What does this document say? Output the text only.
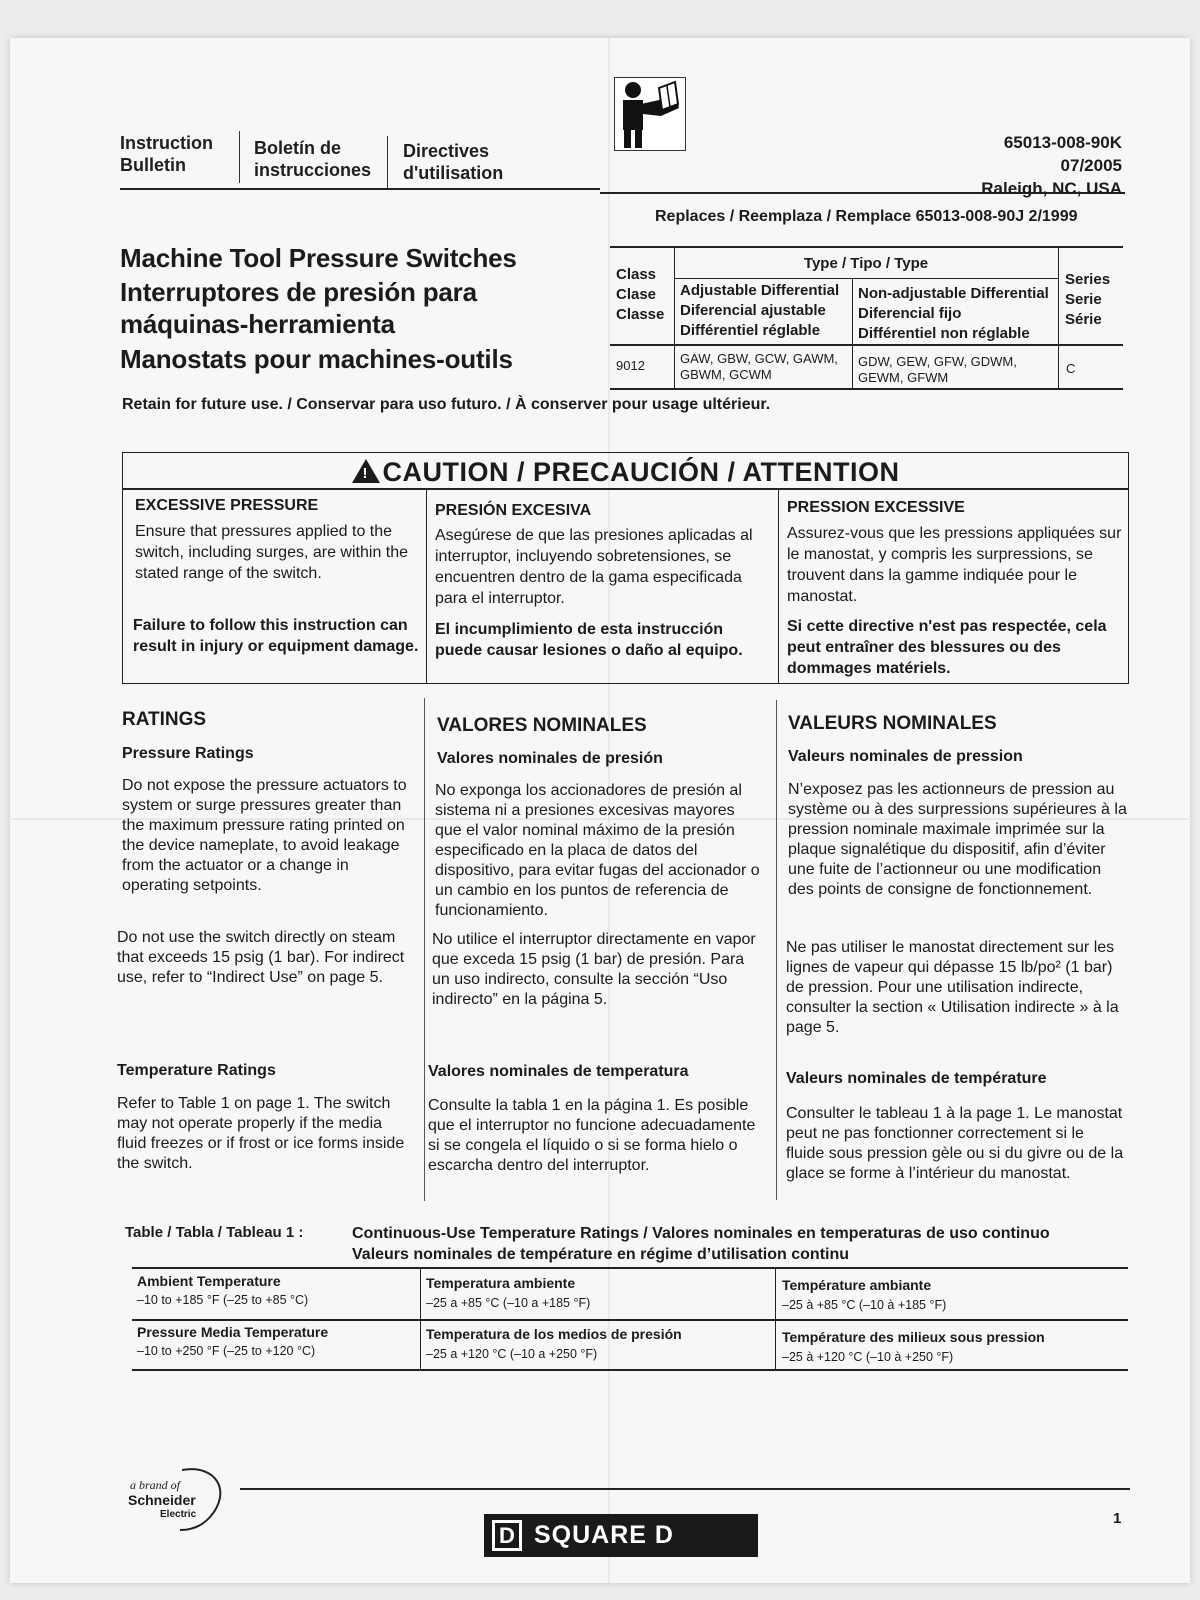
Instruction
Bulletin
Boletín de
instrucciones
Directives
d'utilisation
65013-008-90K
07/2005
Raleigh, NC, USA
Replaces / Reemplaza / Remplace 65013-008-90J 2/1999
Machine Tool Pressure Switches
Interruptores de presión para
máquinas-herramienta
Manostats pour machines-outils
Class
Clase
Classe
Type / Tipo / Type
Adjustable Differential
Diferencial ajustable
Différentiel réglable
Non-adjustable Differential
Diferencial fijo
Différentiel non réglable
Series
Serie
Série
9012	GAW, GBW, GCW, GAWM,
GBWM, GCWM
GDW, GEW, GFW, GDWM,
GEWM, GFWM
C
Retain for future use. / Conservar para uso futuro. / À conserver pour usage ultérieur.
! CAUTION / PRECAUCIÓN / ATTENTION
EXCESSIVE PRESSURE
Ensure that pressures applied to the switch, including surges, are within the stated range of the switch.
Failure to follow this instruction can result in injury or equipment damage.
PRESIÓN EXCESIVA
Asegúrese de que las presiones aplicadas al interruptor, incluyendo sobretensiones, se encuentren dentro de la gama especificada para el interruptor.
El incumplimiento de esta instrucción puede causar lesiones o daño al equipo.
PRESSION EXCESSIVE
Assurez-vous que les pressions appliquées sur le manostat, y compris les surpressions, se trouvent dans la gamme indiquée pour le manostat.
Si cette directive n'est pas respectée, cela peut entraîner des blessures ou des dommages matériels.
RATINGS
Pressure Ratings
Do not expose the pressure actuators to system or surge pressures greater than the maximum pressure rating printed on the device nameplate, to avoid leakage from the actuator or a change in operating setpoints.
Do not use the switch directly on steam that exceeds 15 psig (1 bar). For indirect use, refer to “Indirect Use” on page 5.
Temperature Ratings
Refer to Table 1 on page 1. The switch may not operate properly if the media fluid freezes or if frost or ice forms inside the switch.
VALORES NOMINALES
Valores nominales de presión
No exponga los accionadores de presión al sistema ni a presiones excesivas mayores que el valor nominal máximo de la presión especificado en la placa de datos del dispositivo, para evitar fugas del accionador o un cambio en los puntos de referencia de funcionamiento.
No utilice el interruptor directamente en vapor que exceda 15 psig (1 bar) de presión. Para un uso indirecto, consulte la sección “Uso indirecto” en la página 5.
Valores nominales de temperatura
Consulte la tabla 1 en la página 1. Es posible que el interruptor no funcione adecuadamente si se congela el líquido o si se forma hielo o escarcha dentro del interruptor.
VALEURS NOMINALES
Valeurs nominales de pression
N’exposez pas les actionneurs de pression au système ou à des surpressions supérieures à la pression nominale maximale imprimée sur la plaque signalétique du dispositif, afin d’éviter une fuite de l’actionneur ou une modification des points de consigne de fonctionnement.
Ne pas utiliser le manostat directement sur les lignes de vapeur qui dépasse 15 lb/po² (1 bar) de pression. Pour une utilisation indirecte, consulter la section « Utilisation indirecte » à la page 5.
Valeurs nominales de température
Consulter le tableau 1 à la page 1. Le manostat peut ne pas fonctionner correctement si le fluide sous pression gèle ou si du givre ou de la glace se forme à l’intérieur du manostat.
Table / Tabla / Tableau 1 :	Continuous-Use Temperature Ratings / Valores nominales en temperaturas de uso continuo
Valeurs nominales de température en régime d’utilisation continu
Ambient Temperature
–10 to +185 °F (–25 to +85 °C)
Temperatura ambiente
–25 a +85 °C (–10 a +185 °F)
Température ambiante
–25 à +85 °C (–10 à +185 °F)
Pressure Media Temperature
–10 to +250 °F (–25 to +120 °C)
Temperatura de los medios de presión
–25 a +120 °C (–10 a +250 °F)
Température des milieux sous pression
–25 à +120 °C (–10 à +250 °F)
a brand of
Schneider
Electric
D SQUARE D
1
